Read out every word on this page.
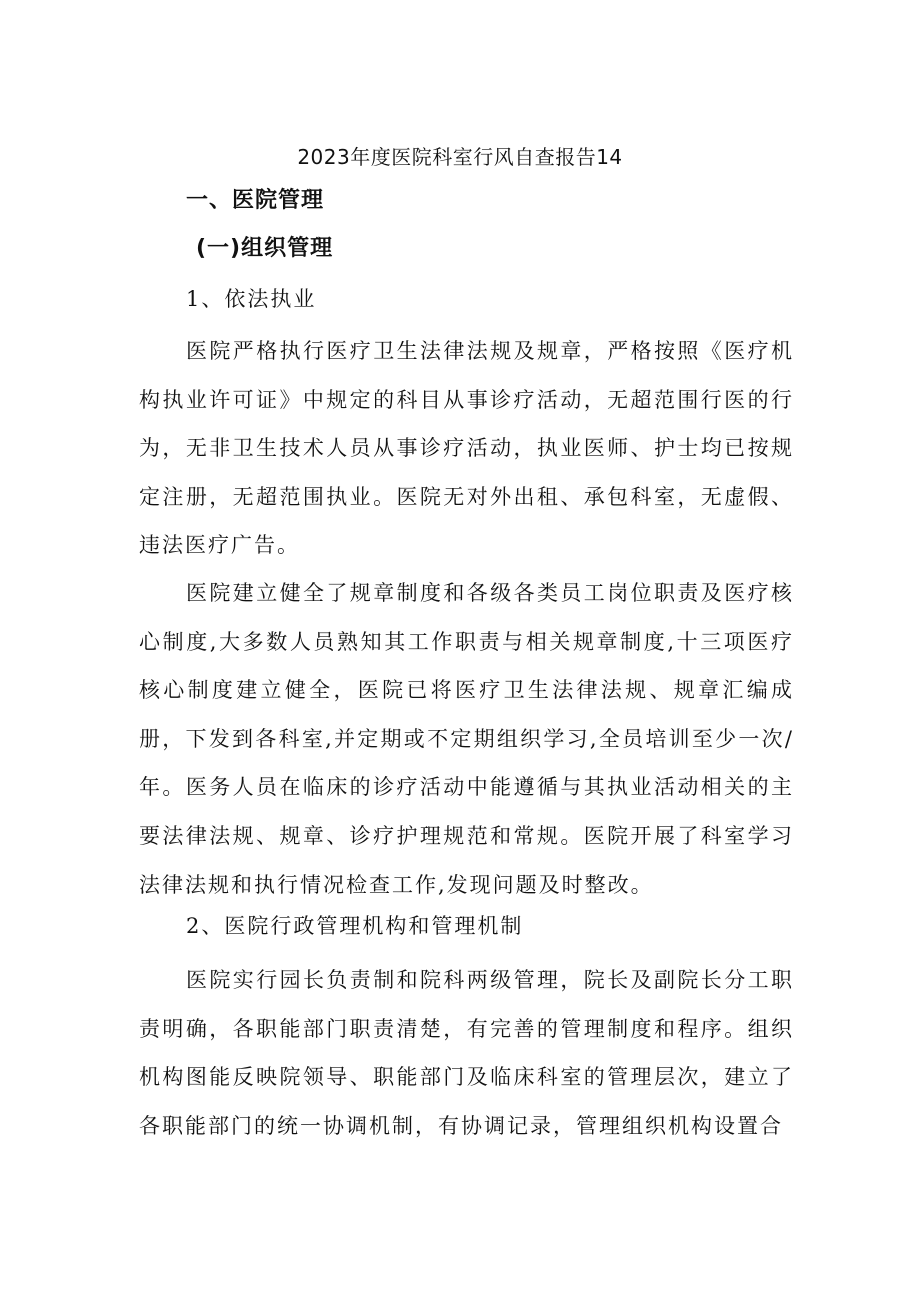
2023年度医院科室行风自查报告14
一、医院管理
(一)组织管理
1、依法执业

医院严格执行医疗卫生法律法规及规章，严格按照《医疗机构执业许可证》中规定的科目从事诊疗活动，无超范围行医的行为，无非卫生技术人员从事诊疗活动，执业医师、护士均已按规定注册，无超范围执业。医院无对外出租、承包科室，无虚假、违法医疗广告。

医院建立健全了规章制度和各级各类员工岗位职责及医疗核心制度,大多数人员熟知其工作职责与相关规章制度,十三项医疗核心制度建立健全，医院已将医疗卫生法律法规、规章汇编成册，下发到各科室,并定期或不定期组织学习,全员培训至少一次/年。医务人员在临床的诊疗活动中能遵循与其执业活动相关的主要法律法规、规章、诊疗护理规范和常规。医院开展了科室学习法律法规和执行情况检查工作,发现问题及时整改。

2、医院行政管理机构和管理机制

医院实行园长负责制和院科两级管理，院长及副院长分工职责明确，各职能部门职责清楚，有完善的管理制度和程序。组织机构图能反映院领导、职能部门及临床科室的管理层次，建立了各职能部门的统一协调机制，有协调记录，管理组织机构设置合
